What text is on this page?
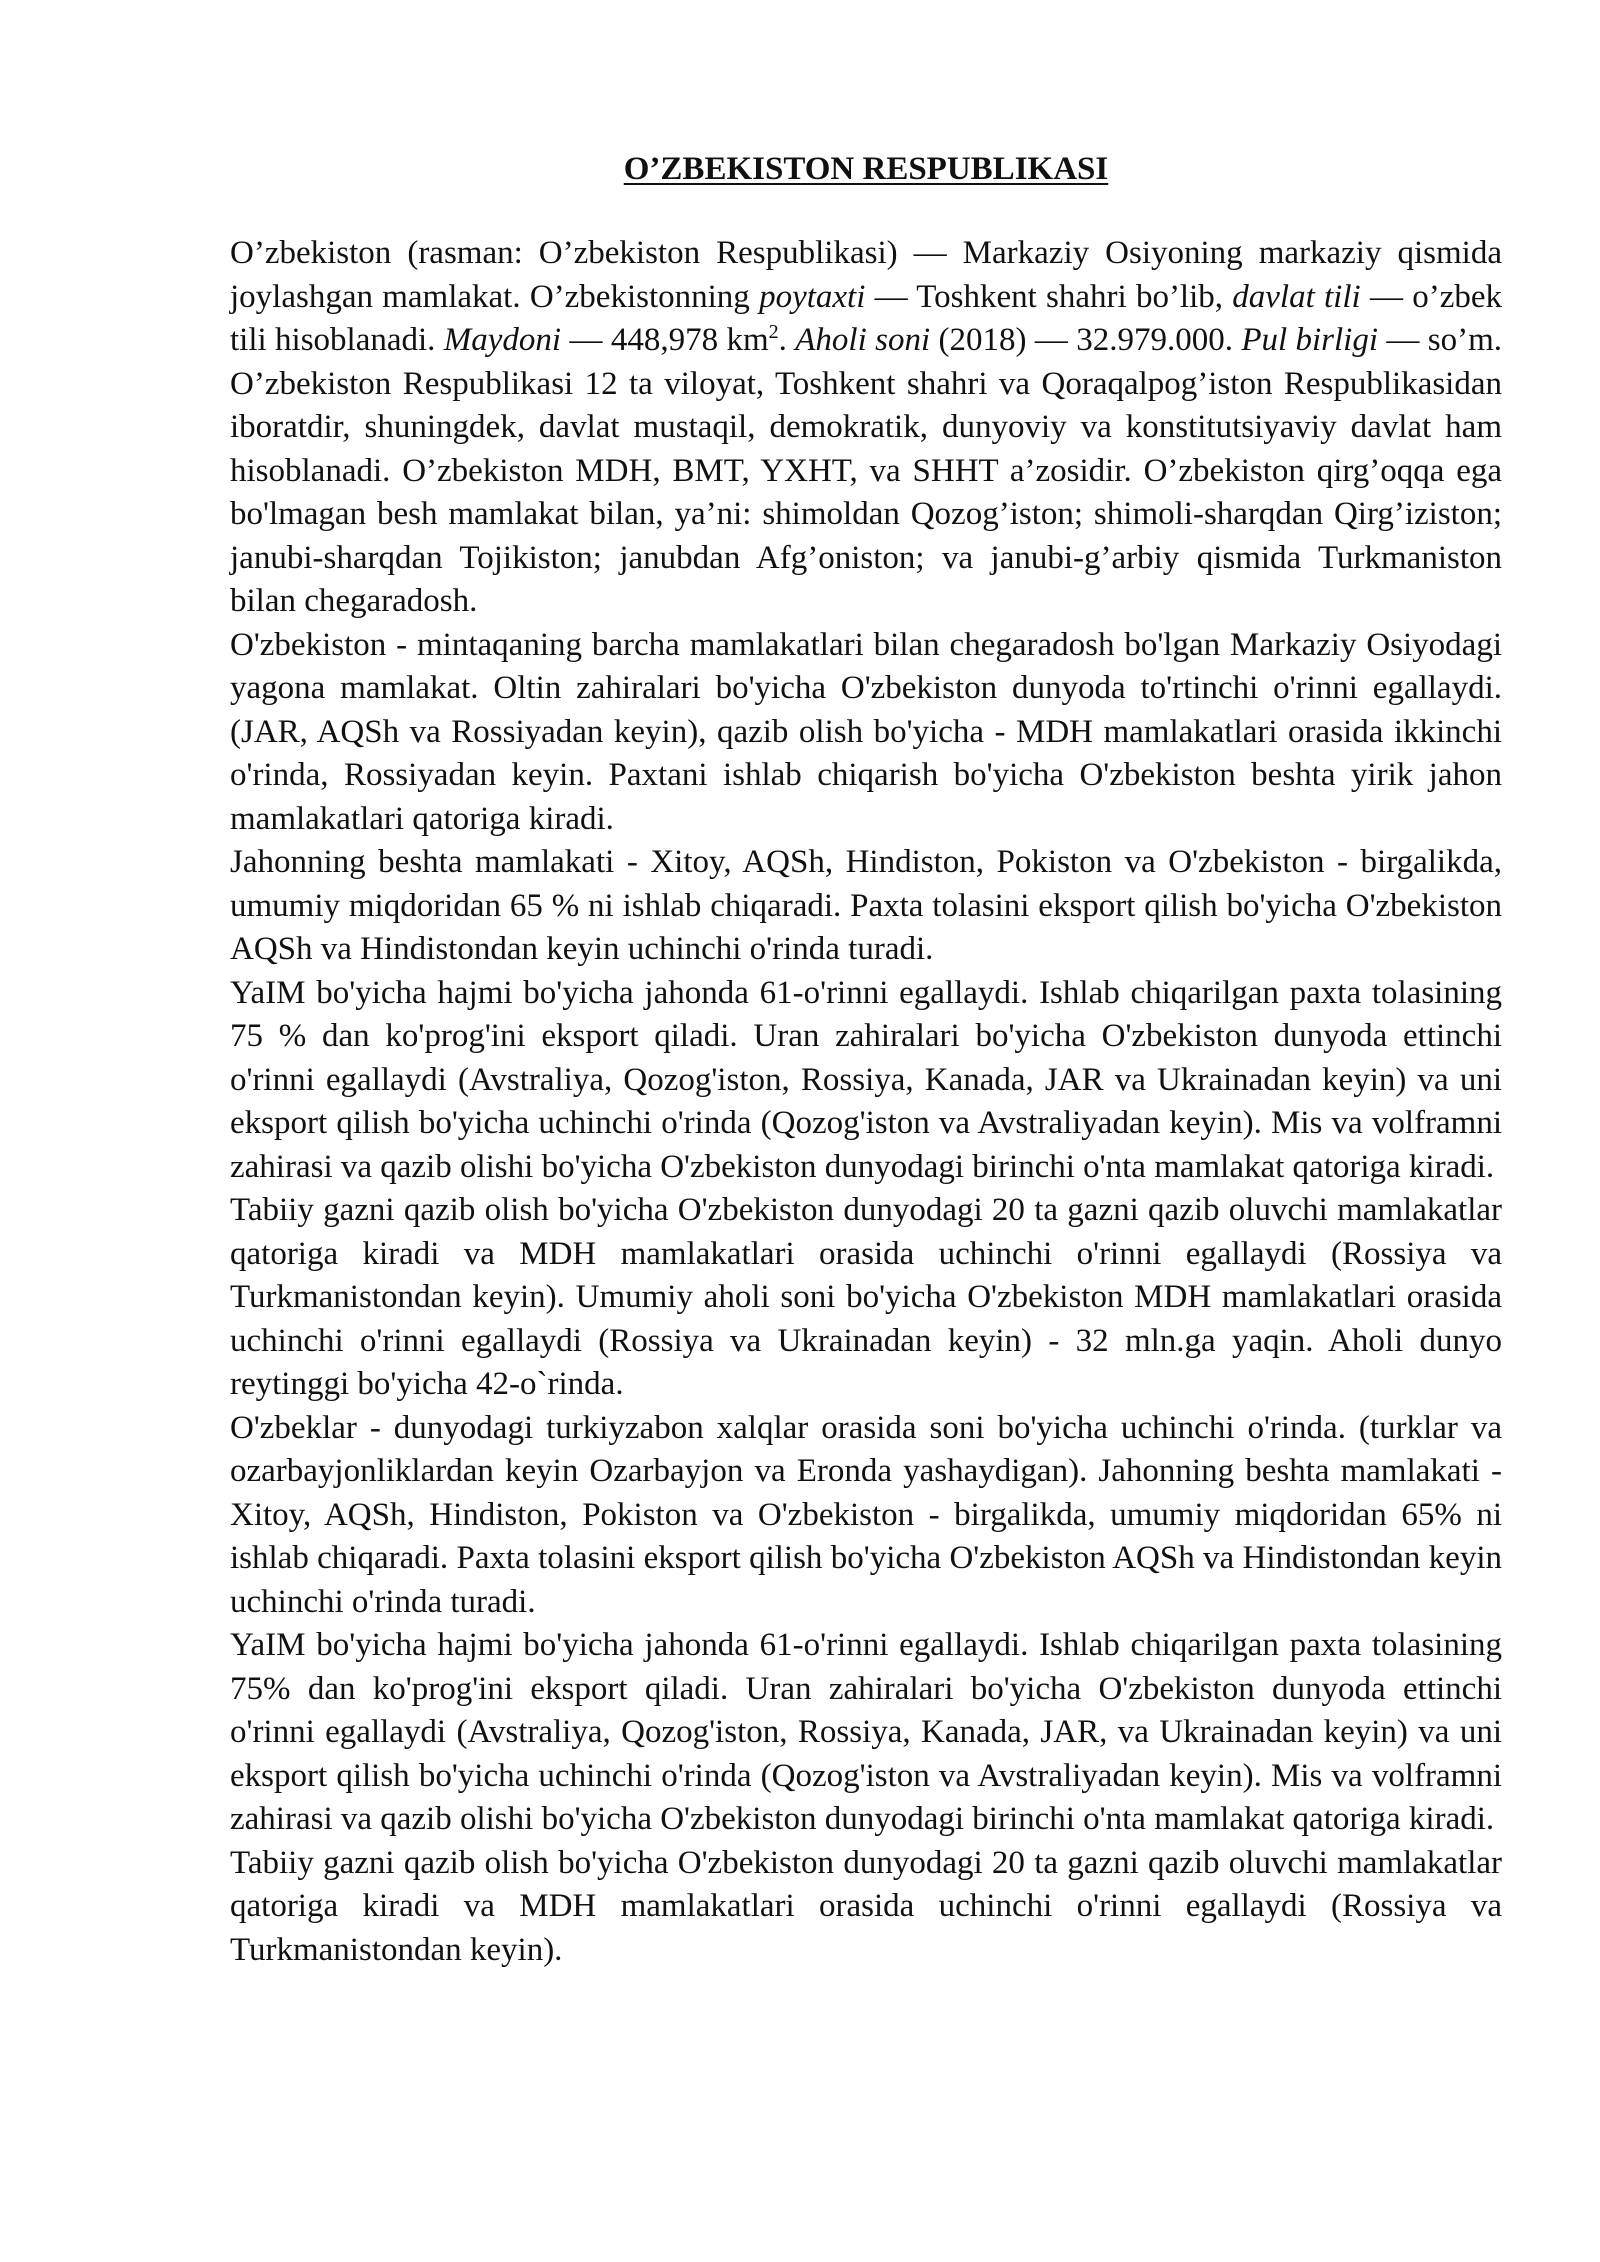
O’ZBEKISTON RESPUBLIKASI

O’zbekiston (rasman: O’zbekiston Respublikasi) — Markaziy Osiyoning markaziy qismida joylashgan mamlakat. O’zbekistonning poytaxti — Toshkent shahri bo’lib, davlat tili — o’zbek tili hisoblanadi. Maydoni — 448,978 $km^2$. Aholi soni (2018) — 32.979.000. Pul birligi — so’m. O’zbekiston Respublikasi 12 ta viloyat, Toshkent shahri va Qoraqalpog’iston Respublikasidan iboratdir, shuningdek, davlat mustaqil, demokratik, dunyoviy va konstitutsiyaviy davlat ham hisoblanadi. O’zbekiston MDH, BMT, YXHT, va SHHT a’zosidir. O’zbekiston qirg’oqqa ega bo'lmagan besh mamlakat bilan, ya’ni: shimoldan Qozog’iston; shimoli-sharqdan Qirg’iziston; janubi-sharqdan Tojikiston; janubdan Afg’oniston; va janubi-g’arbiy qismida Turkmaniston bilan chegaradosh.

O'zbekiston - mintaqaning barcha mamlakatlari bilan chegaradosh bo'lgan Markaziy Osiyodagi yagona mamlakat. Oltin zahiralari bo'yicha O'zbekiston dunyoda to'rtinchi o'rinni egallaydi. (JAR, AQSh va Rossiyadan keyin), qazib olish bo'yicha - MDH mamlakatlari orasida ikkinchi o'rinda, Rossiyadan keyin. Paxtani ishlab chiqarish bo'yicha O'zbekiston beshta yirik jahon mamlakatlari qatoriga kiradi.

Jahonning beshta mamlakati - Xitoy, AQSh, Hindiston, Pokiston va O'zbekiston - birgalikda, umumiy miqdoridan 65 % ni ishlab chiqaradi. Paxta tolasini eksport qilish bo'yicha O'zbekiston AQSh va Hindistondan keyin uchinchi o'rinda turadi.

YaIM bo'yicha hajmi bo'yicha jahonda 61-o'rinni egallaydi. Ishlab chiqarilgan paxta tolasining 75 % dan ko'prog'ini eksport qiladi. Uran zahiralari bo'yicha O'zbekiston dunyoda ettinchi o'rinni egallaydi (Avstraliya, Qozog'iston, Rossiya, Kanada, JAR va Ukrainadan keyin) va uni eksport qilish bo'yicha uchinchi o'rinda (Qozog'iston va Avstraliyadan keyin). Mis va volframni zahirasi va qazib olishi bo'yicha O'zbekiston dunyodagi birinchi o'nta mamlakat qatoriga kiradi.

Tabiiy gazni qazib olish bo'yicha O'zbekiston dunyodagi 20 ta gazni qazib oluvchi mamlakatlar qatoriga kiradi va MDH mamlakatlari orasida uchinchi o'rinni egallaydi (Rossiya va Turkmanistondan keyin). Umumiy aholi soni bo'yicha O'zbekiston MDH mamlakatlari orasida uchinchi o'rinni egallaydi (Rossiya va Ukrainadan keyin) - 32 mln.ga yaqin. Aholi dunyo reytinggi bo'yicha 42-o`rinda.

O'zbeklar - dunyodagi turkiyzabon xalqlar orasida soni bo'yicha uchinchi o'rinda. (turklar va ozarbayjonliklardan keyin Ozarbayjon va Eronda yashaydigan). Jahonning beshta mamlakati - Xitoy, AQSh, Hindiston, Pokiston va O'zbekiston - birgalikda, umumiy miqdoridan 65% ni ishlab chiqaradi. Paxta tolasini eksport qilish bo'yicha O'zbekiston AQSh va Hindistondan keyin uchinchi o'rinda turadi.

YaIM bo'yicha hajmi bo'yicha jahonda 61-o'rinni egallaydi. Ishlab chiqarilgan paxta tolasining 75% dan ko'prog'ini eksport qiladi. Uran zahiralari bo'yicha O'zbekiston dunyoda ettinchi o'rinni egallaydi (Avstraliya, Qozog'iston, Rossiya, Kanada, JAR, va Ukrainadan keyin) va uni eksport qilish bo'yicha uchinchi o'rinda (Qozog'iston va Avstraliyadan keyin). Mis va volframni zahirasi va qazib olishi bo'yicha O'zbekiston dunyodagi birinchi o'nta mamlakat qatoriga kiradi.

Tabiiy gazni qazib olish bo'yicha O'zbekiston dunyodagi 20 ta gazni qazib oluvchi mamlakatlar qatoriga kiradi va MDH mamlakatlari orasida uchinchi o'rinni egallaydi (Rossiya va Turkmanistondan keyin).
